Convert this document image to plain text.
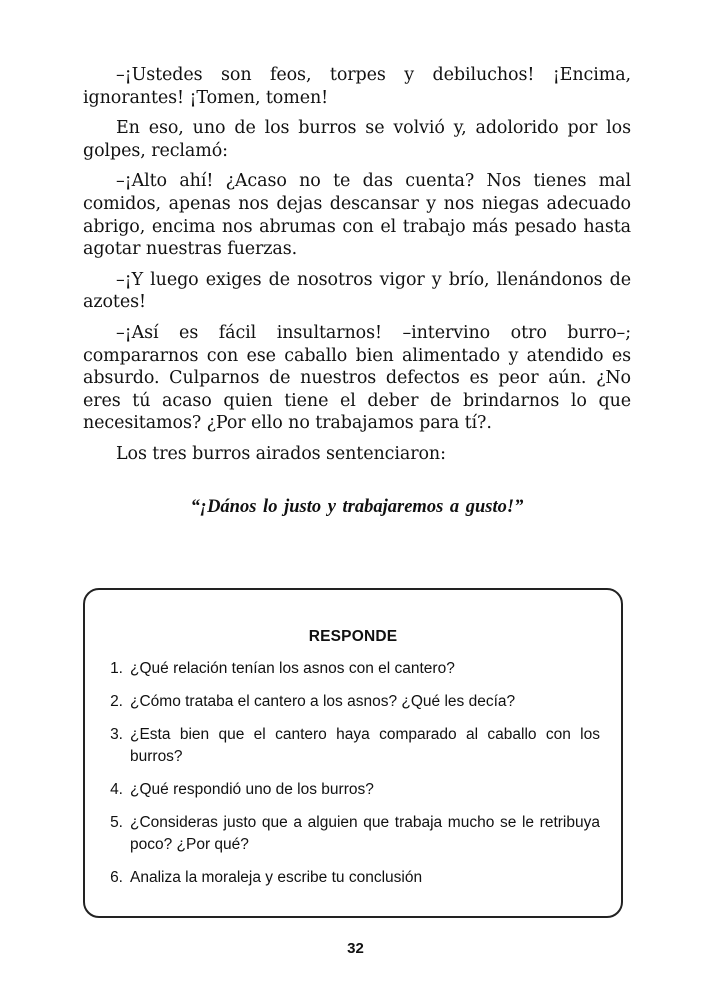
–¡Ustedes son feos, torpes y debiluchos! ¡Encima, ignorantes! ¡Tomen, tomen!

En eso, uno de los burros se volvió y, adolorido por los golpes, reclamó:

–¡Alto ahí! ¿Acaso no te das cuenta? Nos tienes mal comidos, apenas nos dejas descansar y nos niegas adecuado abrigo, encima nos abrumas con el trabajo más pesado hasta agotar nuestras fuerzas.

–¡Y luego exiges de nosotros vigor y brío, llenándonos de azotes!

–¡Así es fácil insultarnos! –intervino otro burro–; compararnos con ese caballo bien alimentado y atendido es absurdo. Culparnos de nuestros defectos es peor aún. ¿No eres tú acaso quien tiene el deber de brindarnos lo que necesitamos? ¿Por ello no trabajamos para tí?.

Los tres burros airados sentenciaron:

“¡Dános lo justo y trabajaremos a gusto!”
RESPONDE
1. ¿Qué relación tenían los asnos con el cantero?
2. ¿Cómo trataba el cantero a los asnos? ¿Qué les decía?
3. ¿Esta bien que el cantero haya comparado al caballo con los burros?
4. ¿Qué respondió uno de los burros?
5. ¿Consideras justo que a alguien que trabaja mucho se le retribuya poco? ¿Por qué?
6. Analiza la moraleja y escribe tu conclusión
32
